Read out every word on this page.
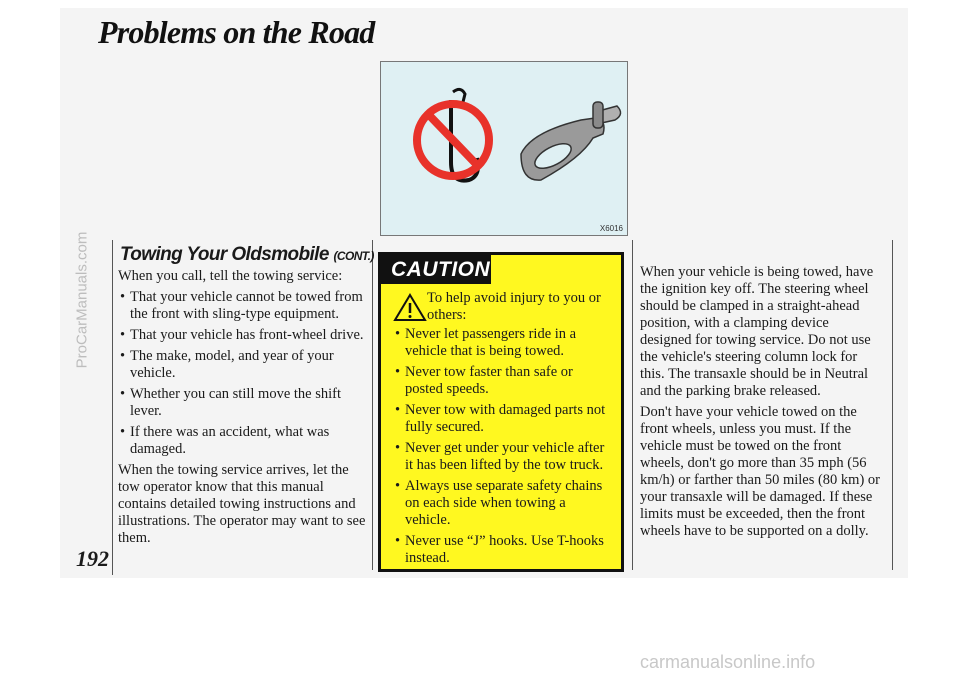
ProCarManuals.com
carmanualsonline.info
Problems on the Road
192
Towing Your Oldsmobile (CONT.)

When you call, tell the towing service:

• That your vehicle cannot be towed from the front with sling-type equipment.
• That your vehicle has front-wheel drive.
• The make, model, and year of your vehicle.
• Whether you can still move the shift lever.
• If there was an accident, what was damaged.

When the towing service arrives, let the tow operator know that this manual contains detailed towing instructions and illustrations. The operator may want to see them.

X6016
CAUTION
To help avoid injury to you or others:
• Never let passengers ride in a vehicle that is being towed.
• Never tow faster than safe or posted speeds.
• Never tow with damaged parts not fully secured.
• Never get under your vehicle after it has been lifted by the tow truck.
• Always use separate safety chains on each side when towing a vehicle.
• Never use “J” hooks. Use T-hooks instead.

When your vehicle is being towed, have the ignition key off. The steering wheel should be clamped in a straight-ahead position, with a clamping device designed for towing service. Do not use the vehicle's steering column lock for this. The transaxle should be in Neutral and the parking brake released.

Don't have your vehicle towed on the front wheels, unless you must. If the vehicle must be towed on the front wheels, don't go more than 35 mph (56 km/h) or farther than 50 miles (80 km) or your transaxle will be damaged. If these limits must be exceeded, then the front wheels have to be supported on a dolly.
